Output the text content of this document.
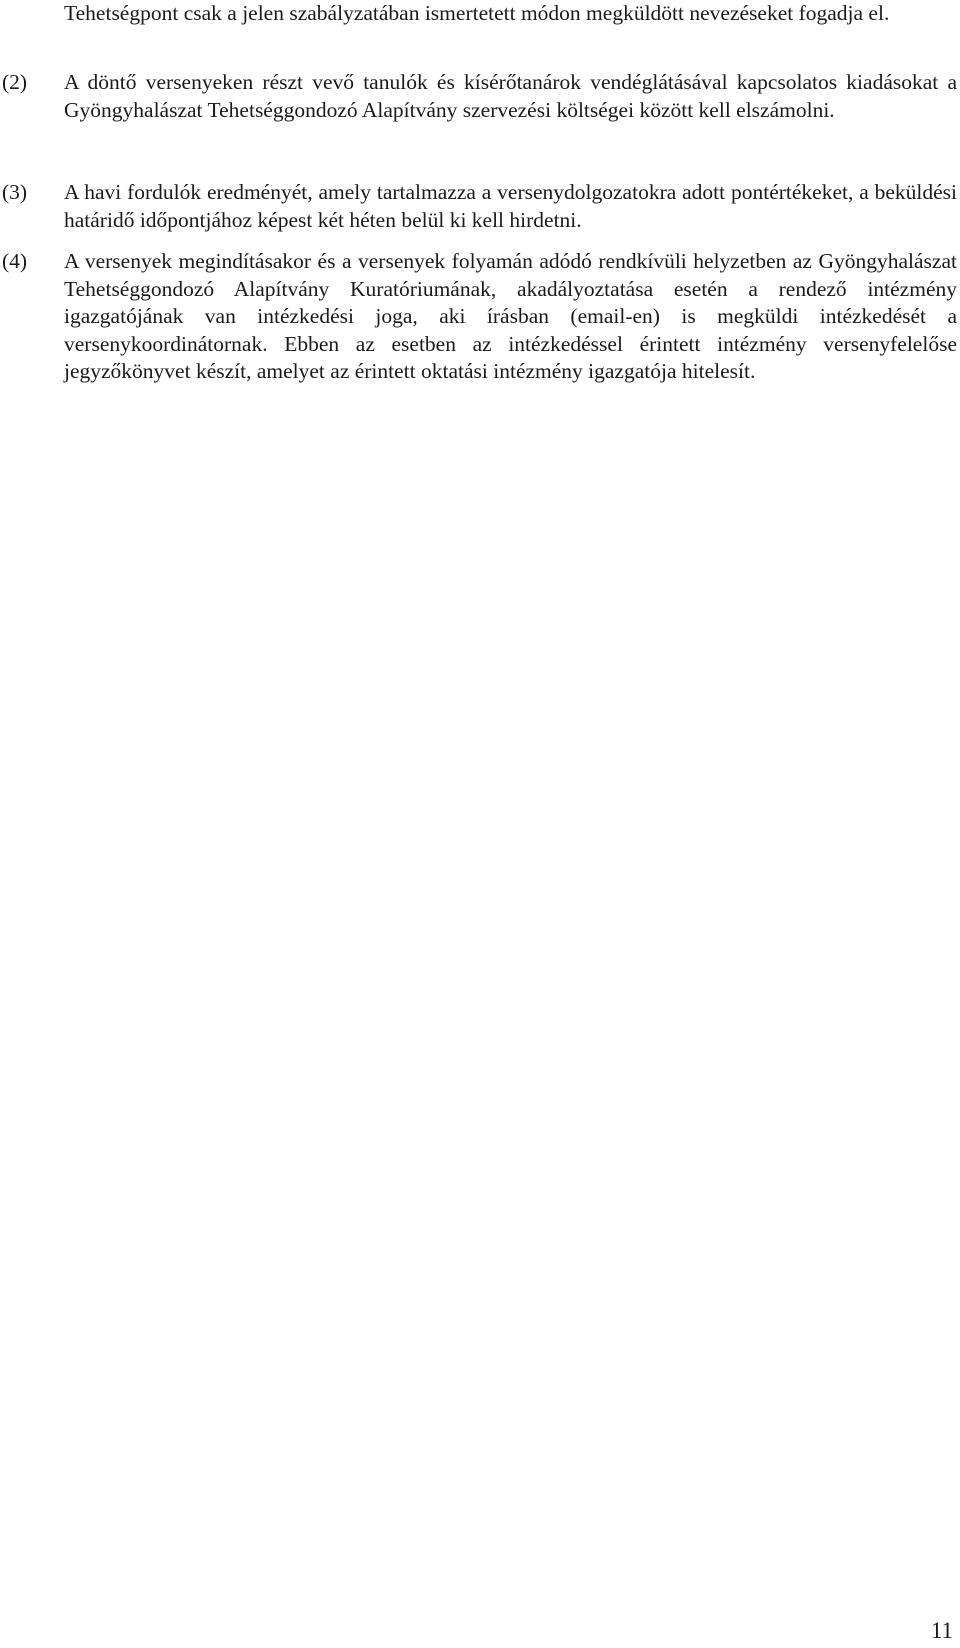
Tehetségpont csak a jelen szabályzatában ismertetett módon megküldött nevezéseket fogadja el.

(2) A döntő versenyeken részt vevő tanulók és kísérőtanárok vendéglátásával kapcsolatos kiadásokat a Gyöngyhalászat Tehetséggondozó Alapítvány szervezési költségei között kell elszámolni.

(3) A havi fordulók eredményét, amely tartalmazza a versenydolgozatokra adott pontértékeket, a beküldési határidő időpontjához képest két héten belül ki kell hirdetni.

(4) A versenyek megindításakor és a versenyek folyamán adódó rendkívüli helyzetben az Gyöngyhalászat Tehetséggondozó Alapítvány Kuratóriumának, akadályoztatása esetén a rendező intézmény igazgatójának van intézkedési joga, aki írásban (email-en) is megküldi intézkedését a versenykoordinátornak. Ebben az esetben az intézkedéssel érintett intézmény versenyfelelőse jegyzőkönyvet készít, amelyet az érintett oktatási intézmény igazgatója hitelesít.

11
